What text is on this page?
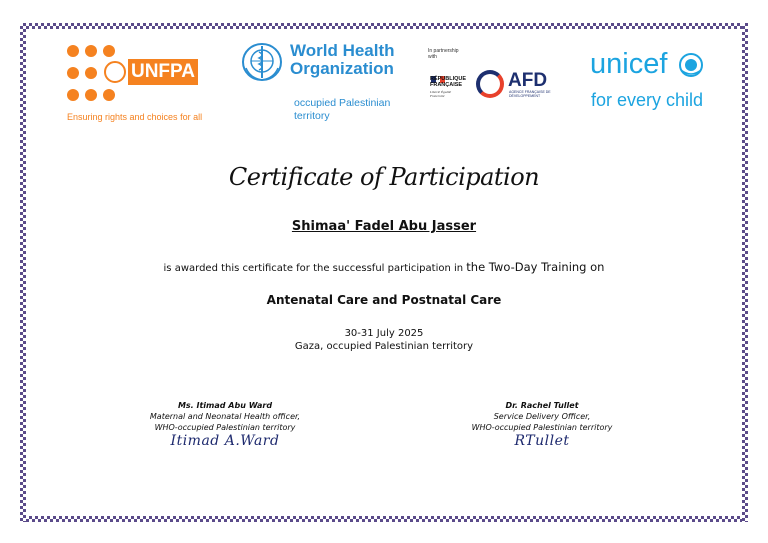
UNFPA
Ensuring rights and choices for all
World Health
Organization
occupied Palestinian
territory
In partnership with
RÉPUBLIQUE
FRANÇAISE
Liberté Égalité Fraternité
AFD
AGENCE FRANÇAISE DE DÉVELOPPEMENT
unicef
for every child
Certificate of Participation
Shimaa' Fadel Abu Jasser
is awarded this certificate for the successful participation in the Two-Day Training on
Antenatal Care and Postnatal Care
30-31 July 2025
Gaza, occupied Palestinian territory
Ms. Itimad Abu Ward
Maternal and Neonatal Health officer,
WHO-occupied Palestinian territory
Itimad A.Ward
Dr. Rachel Tullet
Service Delivery Officer,
WHO-occupied Palestinian territory
RTullet
